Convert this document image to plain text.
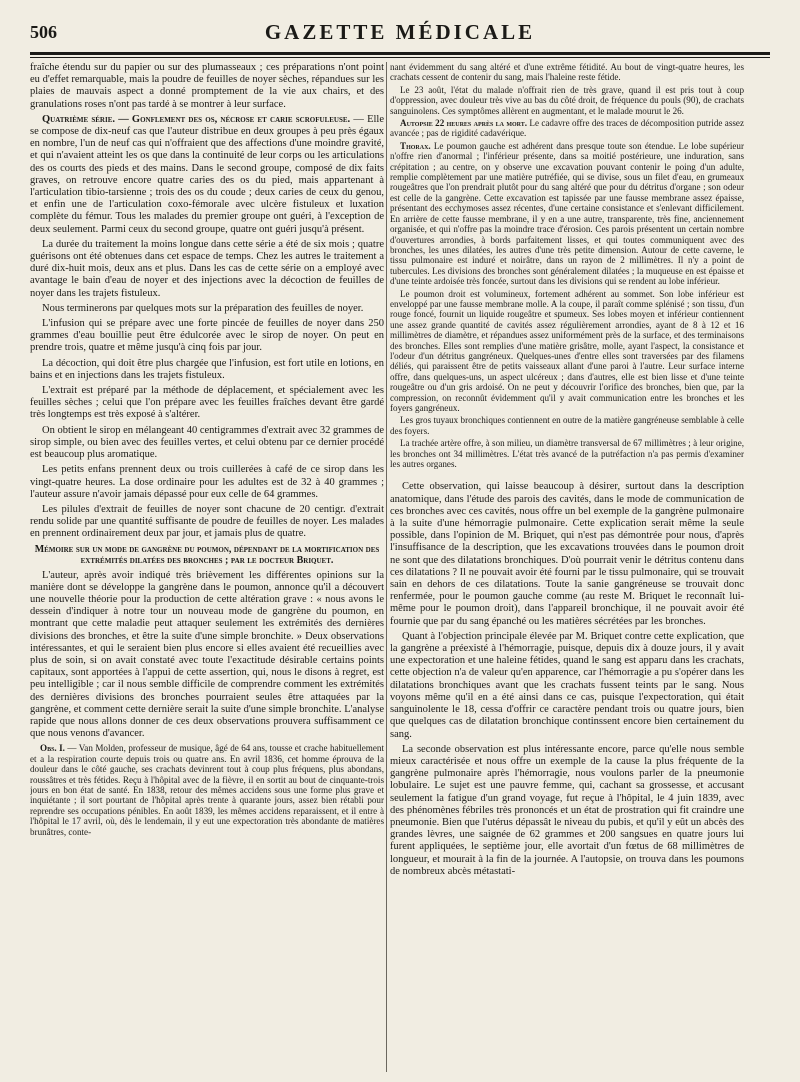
506	GAZETTE MÉDICALE

fraîche étendu sur du papier ou sur des plumasseaux ; ces préparations n'ont point eu d'effet remarquable, mais la poudre de feuilles de noyer sèches, répandues sur les plaies de mauvais aspect a donné promptement de la vie aux chairs, et des granulations roses n'ont pas tardé à se montrer à leur surface.

Quatrième série. — Gonflement des os, nécrose et carie scrofuleuse. — Elle se compose de dix-neuf cas que l'auteur distribue en deux groupes à peu près égaux en nombre, l'un de neuf cas qui n'offraient que des affections d'une moindre gravité, et qui n'avaient atteint les os que dans la continuité de leur corps ou les articulations des os courts des pieds et des mains. Dans le second groupe, composé de dix faits graves, on retrouve encore quatre caries des os du pied, mais appartenant à l'articulation tibio-tarsienne ; trois des os du coude ; deux caries de ceux du genou, et enfin une de l'articulation coxo-fémorale avec ulcère fistuleux et luxation complète du fémur. Tous les malades du premier groupe ont guéri, à l'exception de deux seulement. Parmi ceux du second groupe, quatre ont guéri jusqu'à présent.

La durée du traitement la moins longue dans cette série a été de six mois ; quatre guérisons ont été obtenues dans cet espace de temps. Chez les autres le traitement a duré dix-huit mois, deux ans et plus. Dans les cas de cette série on a employé avec avantage le bain d'eau de noyer et des injections avec la décoction de feuilles de noyer dans les trajets fistuleux.

Nous terminerons par quelques mots sur la préparation des feuilles de noyer.

L'infusion qui se prépare avec une forte pincée de feuilles de noyer dans 250 grammes d'eau bouillie peut être édulcorée avec le sirop de noyer. On peut en prendre trois, quatre et même jusqu'à cinq fois par jour.

La décoction, qui doit être plus chargée que l'infusion, est fort utile en lotions, en bains et en injections dans les trajets fistuleux.

L'extrait est préparé par la méthode de déplacement, et spécialement avec les feuilles sèches ; celui que l'on prépare avec les feuilles fraîches devant être gardé très longtemps est très exposé à s'altérer.

On obtient le sirop en mélangeant 40 centigrammes d'extrait avec 32 grammes de sirop simple, ou bien avec des feuilles vertes, et celui obtenu par ce dernier procédé est beaucoup plus aromatique.

Les petits enfans prennent deux ou trois cuillerées à café de ce sirop dans les vingt-quatre heures. La dose ordinaire pour les adultes est de 32 à 40 grammes ; l'auteur assure n'avoir jamais dépassé pour eux celle de 64 grammes.

Les pilules d'extrait de feuilles de noyer sont chacune de 20 centigr. d'extrait rendu solide par une quantité suffisante de poudre de feuilles de noyer. Les malades en prennent ordinairement deux par jour, et jamais plus de quatre.

Mémoire sur un mode de gangrène du poumon, dépendant de la mortification des extrémités dilatées des bronches ; par le docteur Briquet.

L'auteur, après avoir indiqué très brièvement les différentes opinions sur la manière dont se développe la gangrène dans le poumon, annonce qu'il a découvert une nouvelle théorie pour la production de cette altération grave : « nous avons le dessein d'indiquer à notre tour un nouveau mode de gangrène du poumon, en montrant que cette maladie peut attaquer seulement les extrémités des dernières divisions des bronches, et être la suite d'une simple bronchite. » Deux observations intéressantes, et qui le seraient bien plus encore si elles avaient été recueillies avec plus de soin, si on avait constaté avec toute l'exactitude désirable certains points capitaux, sont apportées à l'appui de cette assertion, qui, nous le disons à regret, est peu intelligible ; car il nous semble difficile de comprendre comment les extrémités des dernières divisions des bronches pourraient seules être attaquées par la gangrène, et comment cette dernière serait la suite d'une simple bronchite. L'analyse rapide que nous allons donner de ces deux observations prouvera suffisamment ce que nous venons d'avancer.

Obs. I. — Van Molden, professeur de musique, âgé de 64 ans, tousse et crache habituellement et a la respiration courte depuis trois ou quatre ans. En avril 1836, cet homme éprouva de la douleur dans le côté gauche, ses crachats devinrent tout à coup plus fréquens, plus abondans, roussâtres et très fétides. Reçu à l'hôpital avec de la fièvre, il en sortit au bout de cinquante-trois jours en bon état de santé. En 1838, retour des mêmes accidens sous une forme plus grave et inquiétante ; il sort pourtant de l'hôpital après trente à quarante jours, assez bien rétabli pour reprendre ses occupations pénibles. En août 1839, les mêmes accidens reparaissent, et il entre à l'hôpital le 17 avril, où, dès le lendemain, il y eut une expectoration très abondante de matières brunâtres, conte-

nant évidemment du sang altéré et d'une extrême fétidité. Au bout de vingt-quatre heures, les crachats cessent de contenir du sang, mais l'haleine reste fétide.

Le 23 août, l'état du malade n'offrait rien de très grave, quand il est pris tout à coup d'oppression, avec douleur très vive au bas du côté droit, de fréquence du pouls (90), de crachats sanguinolens. Ces symptômes allèrent en augmentant, et le malade mourut le 26.

Autopsie 22 heures après la mort. Le cadavre offre des traces de décomposition putride assez avancée ; pas de rigidité cadavérique.

Thorax. Le poumon gauche est adhérent dans presque toute son étendue. Le lobe supérieur n'offre rien d'anormal ; l'inférieur présente, dans sa moitié postérieure, une induration, sans crépitation ; au centre, on y observe une excavation pouvant contenir le poing d'un adulte, remplie complètement par une matière putréfiée, qui se divise, sous un filet d'eau, en grumeaux rougeâtres que l'on prendrait plutôt pour du sang altéré que pour du détritus d'organe ; son odeur est celle de la gangrène. Cette excavation est tapissée par une fausse membrane assez épaisse, présentant des ecchymoses assez récentes, d'une certaine consistance et s'enlevant difficilement. En arrière de cette fausse membrane, il y en a une autre, transparente, très fine, anciennement organisée, et qui n'offre pas la moindre trace d'érosion. Ces parois présentent un certain nombre d'ouvertures arrondies, à bords parfaitement lisses, et qui toutes communiquent avec des bronches, les unes dilatées, les autres d'une très petite dimension. Autour de cette caverne, le tissu pulmonaire est induré et noirâtre, dans un rayon de 2 millimètres. Il n'y a point de tubercules. Les divisions des bronches sont généralement dilatées ; la muqueuse en est épaisse et d'une teinte ardoisée très foncée, surtout dans les divisions qui se rendent au lobe inférieur.

Le poumon droit est volumineux, fortement adhérent au sommet. Son lobe inférieur est enveloppé par une fausse membrane molle. A la coupe, il paraît comme splénisé ; son tissu, d'un rouge foncé, fournit un liquide rougeâtre et spumeux. Ses lobes moyen et inférieur contiennent une assez grande quantité de cavités assez régulièrement arrondies, ayant de 8 à 12 et 16 millimètres de diamètre, et répandues assez uniformément près de la surface, et des terminaisons des bronches. Elles sont remplies d'une matière grisâtre, molle, ayant l'aspect, la consistance et l'odeur d'un détritus gangréneux. Quelques-unes d'entre elles sont traversées par des filamens déliés, qui paraissent être de petits vaisseaux allant d'une paroi à l'autre. Leur surface interne offre, dans quelques-uns, un aspect ulcéreux ; dans d'autres, elle est bien lisse et d'une teinte rougeâtre ou d'un gris ardoisé. On ne peut y découvrir l'orifice des bronches, bien que, par la compression, on reconnût évidemment qu'il y avait communication entre les bronches et les foyers gangréneux.

Les gros tuyaux bronchiques contiennent en outre de la matière gangréneuse semblable à celle des foyers.

La trachée artère offre, à son milieu, un diamètre transversal de 67 millimètres ; à leur origine, les bronches ont 34 millimètres. L'état très avancé de la putréfaction n'a pas permis d'examiner les autres organes.

Cette observation, qui laisse beaucoup à désirer, surtout dans la description anatomique, dans l'étude des parois des cavités, dans le mode de communication de ces bronches avec ces cavités, nous offre un bel exemple de la gangrène pulmonaire à la suite d'une hémorragie pulmonaire. Cette explication serait même la seule possible, dans l'opinion de M. Briquet, qui n'est pas démontrée pour nous, d'après l'insuffisance de la description, que les excavations trouvées dans le poumon droit ne sont que des dilatations bronchiques. D'où pourrait venir le détritus contenu dans ces dilatations ? Il ne pouvait avoir été fourni par le tissu pulmonaire, qui se trouvait sain en dehors de ces dilatations. Toute la sanie gangréneuse se trouvait donc renfermée, pour le poumon gauche comme (au reste M. Briquet le reconnaît lui-même pour le poumon droit), dans l'appareil bronchique, il ne pouvait avoir été fournie que par du sang épanché ou les matières sécrétées par les bronches.

Quant à l'objection principale élevée par M. Briquet contre cette explication, que la gangrène a préexisté à l'hémorragie, puisque, depuis dix à douze jours, il y avait une expectoration et une haleine fétides, quand le sang est apparu dans les crachats, cette objection n'a de valeur qu'en apparence, car l'hémorragie a pu s'opérer dans les dilatations bronchiques avant que les crachats fussent teints par le sang. Nous voyons même qu'il en a été ainsi dans ce cas, puisque l'expectoration, qui était sanguinolente le 18, cessa d'offrir ce caractère pendant trois ou quatre jours, bien que quelques cas de dilatation bronchique continssent encore bien certainement du sang.

La seconde observation est plus intéressante encore, parce qu'elle nous semble mieux caractérisée et nous offre un exemple de la cause la plus fréquente de la gangrène pulmonaire après l'hémorragie, nous voulons parler de la pneumonie lobulaire. Le sujet est une pauvre femme, qui, cachant sa grossesse, et accusant seulement la fatigue d'un grand voyage, fut reçue à l'hôpital, le 4 juin 1839, avec des phénomènes fébriles très prononcés et un état de prostration qui fit craindre une pneumonie. Bien que l'utérus dépassât le niveau du pubis, et qu'il y eût un abcès des grandes lèvres, une saignée de 62 grammes et 200 sangsues en quatre jours lui furent appliquées, le septième jour, elle avortait d'un fœtus de 68 millimètres de longueur, et mourait à la fin de la journée. A l'autopsie, on trouva dans les poumons de nombreux abcès métastati-
